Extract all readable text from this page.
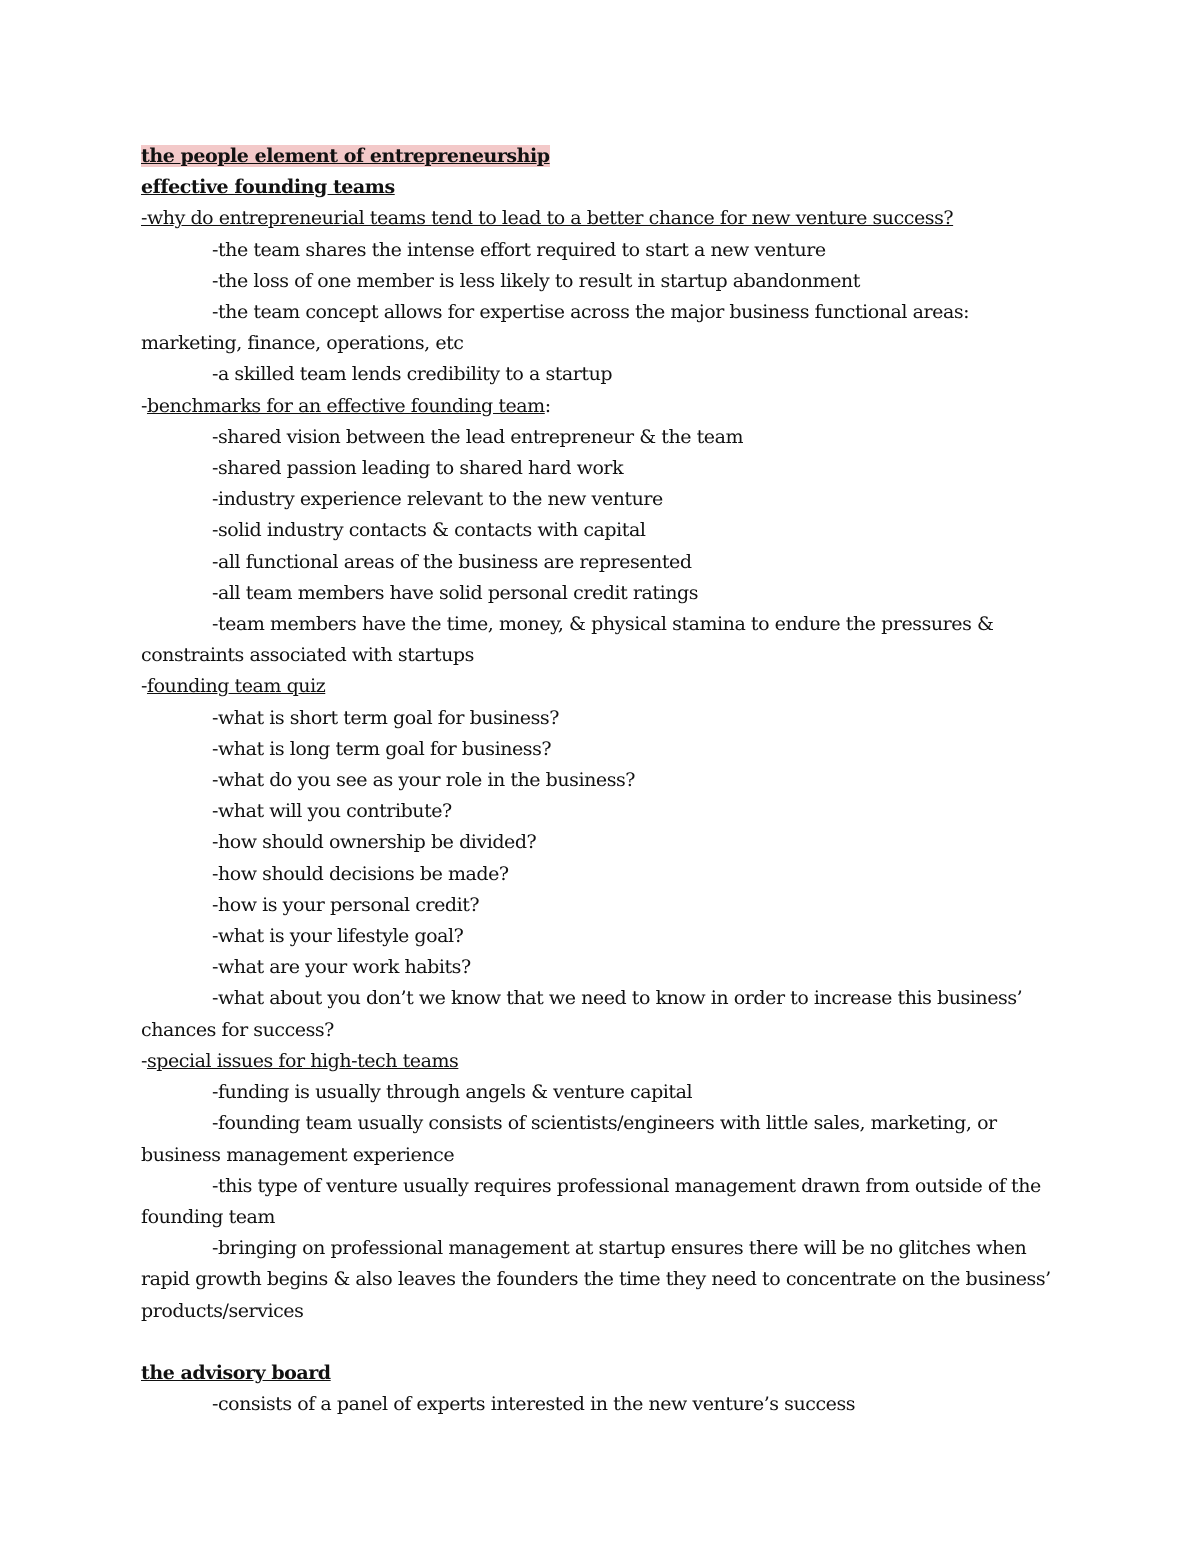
the people element of entrepreneurship

effective founding teams

-why do entrepreneurial teams tend to lead to a better chance for new venture success?

-the team shares the intense effort required to start a new venture

-the loss of one member is less likely to result in startup abandonment

-the team concept allows for expertise across the major business functional areas: marketing, finance, operations, etc

-a skilled team lends credibility to a startup

-benchmarks for an effective founding team:

-shared vision between the lead entrepreneur & the team

-shared passion leading to shared hard work

-industry experience relevant to the new venture

-solid industry contacts & contacts with capital

-all functional areas of the business are represented

-all team members have solid personal credit ratings

-team members have the time, money, & physical stamina to endure the pressures & constraints associated with startups

-founding team quiz

-what is short term goal for business?

-what is long term goal for business?

-what do you see as your role in the business?

-what will you contribute?

-how should ownership be divided?

-how should decisions be made?

-how is your personal credit?

-what is your lifestyle goal?

-what are your work habits?

-what about you don’t we know that we need to know in order to increase this business’ chances for success?

-special issues for high-tech teams

-funding is usually through angels & venture capital

-founding team usually consists of scientists/engineers with little sales, marketing, or business management experience

-this type of venture usually requires professional management drawn from outside of the founding team

-bringing on professional management at startup ensures there will be no glitches when rapid growth begins & also leaves the founders the time they need to concentrate on the business’ products/services

the advisory board

-consists of a panel of experts interested in the new venture’s success
